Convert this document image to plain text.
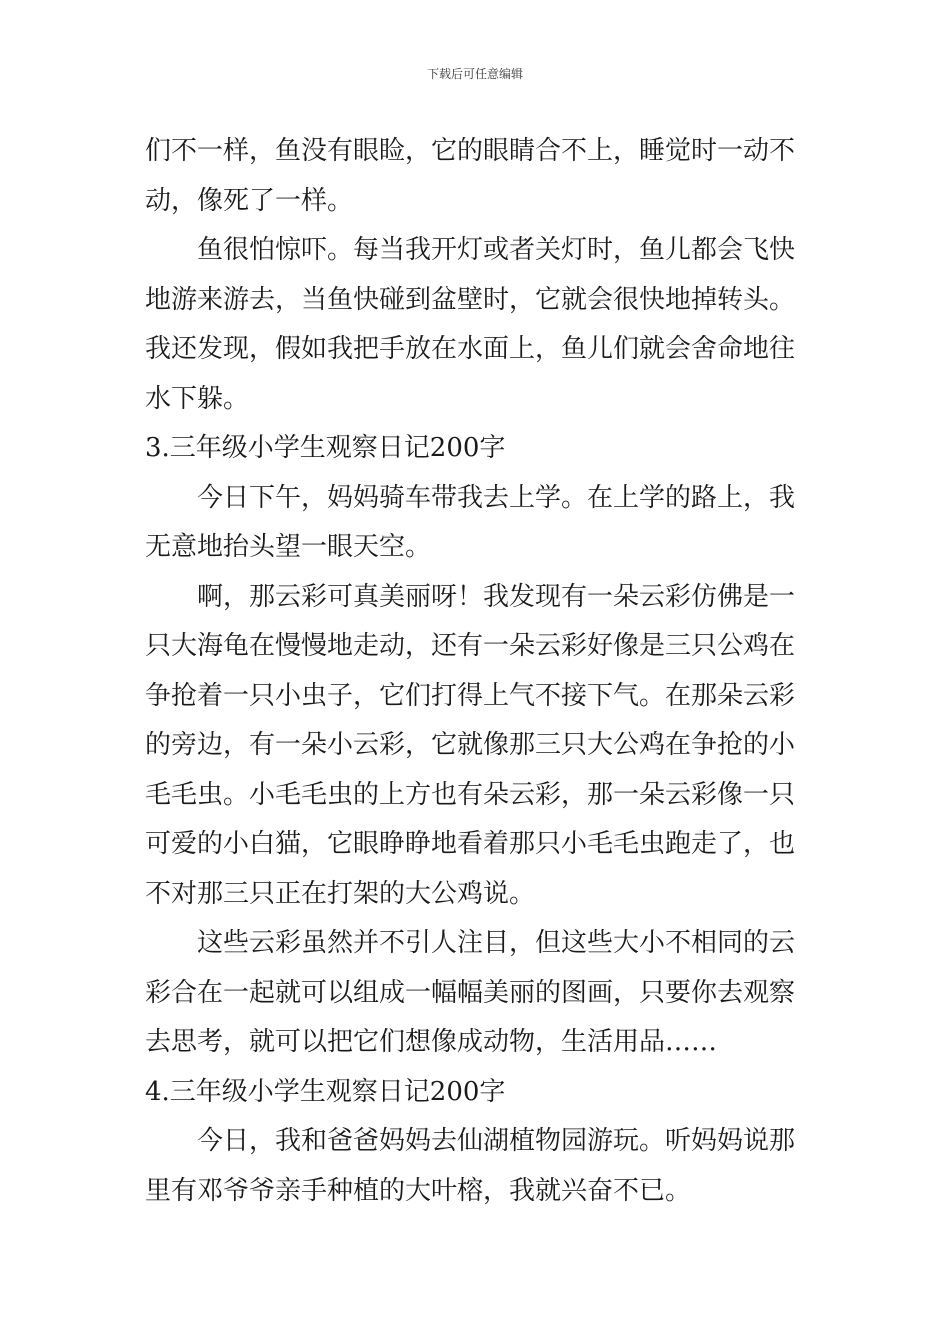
下载后可任意编辑
们不一样，鱼没有眼睑，它的眼睛合不上，睡觉时一动不
动，像死了一样。
鱼很怕惊吓。每当我开灯或者关灯时，鱼儿都会飞快
地游来游去，当鱼快碰到盆壁时，它就会很快地掉转头。
我还发现，假如我把手放在水面上，鱼儿们就会舍命地往
水下躲。
3.三年级小学生观察日记200字
今日下午，妈妈骑车带我去上学。在上学的路上，我
无意地抬头望一眼天空。
啊，那云彩可真美丽呀！我发现有一朵云彩仿佛是一
只大海龟在慢慢地走动，还有一朵云彩好像是三只公鸡在
争抢着一只小虫子，它们打得上气不接下气。在那朵云彩
的旁边，有一朵小云彩，它就像那三只大公鸡在争抢的小
毛毛虫。小毛毛虫的上方也有朵云彩，那一朵云彩像一只
可爱的小白猫，它眼睁睁地看着那只小毛毛虫跑走了，也
不对那三只正在打架的大公鸡说。
这些云彩虽然并不引人注目，但这些大小不相同的云
彩合在一起就可以组成一幅幅美丽的图画，只要你去观察
去思考，就可以把它们想像成动物，生活用品……
4.三年级小学生观察日记200字
今日，我和爸爸妈妈去仙湖植物园游玩。听妈妈说那
里有邓爷爷亲手种植的大叶榕，我就兴奋不已。
